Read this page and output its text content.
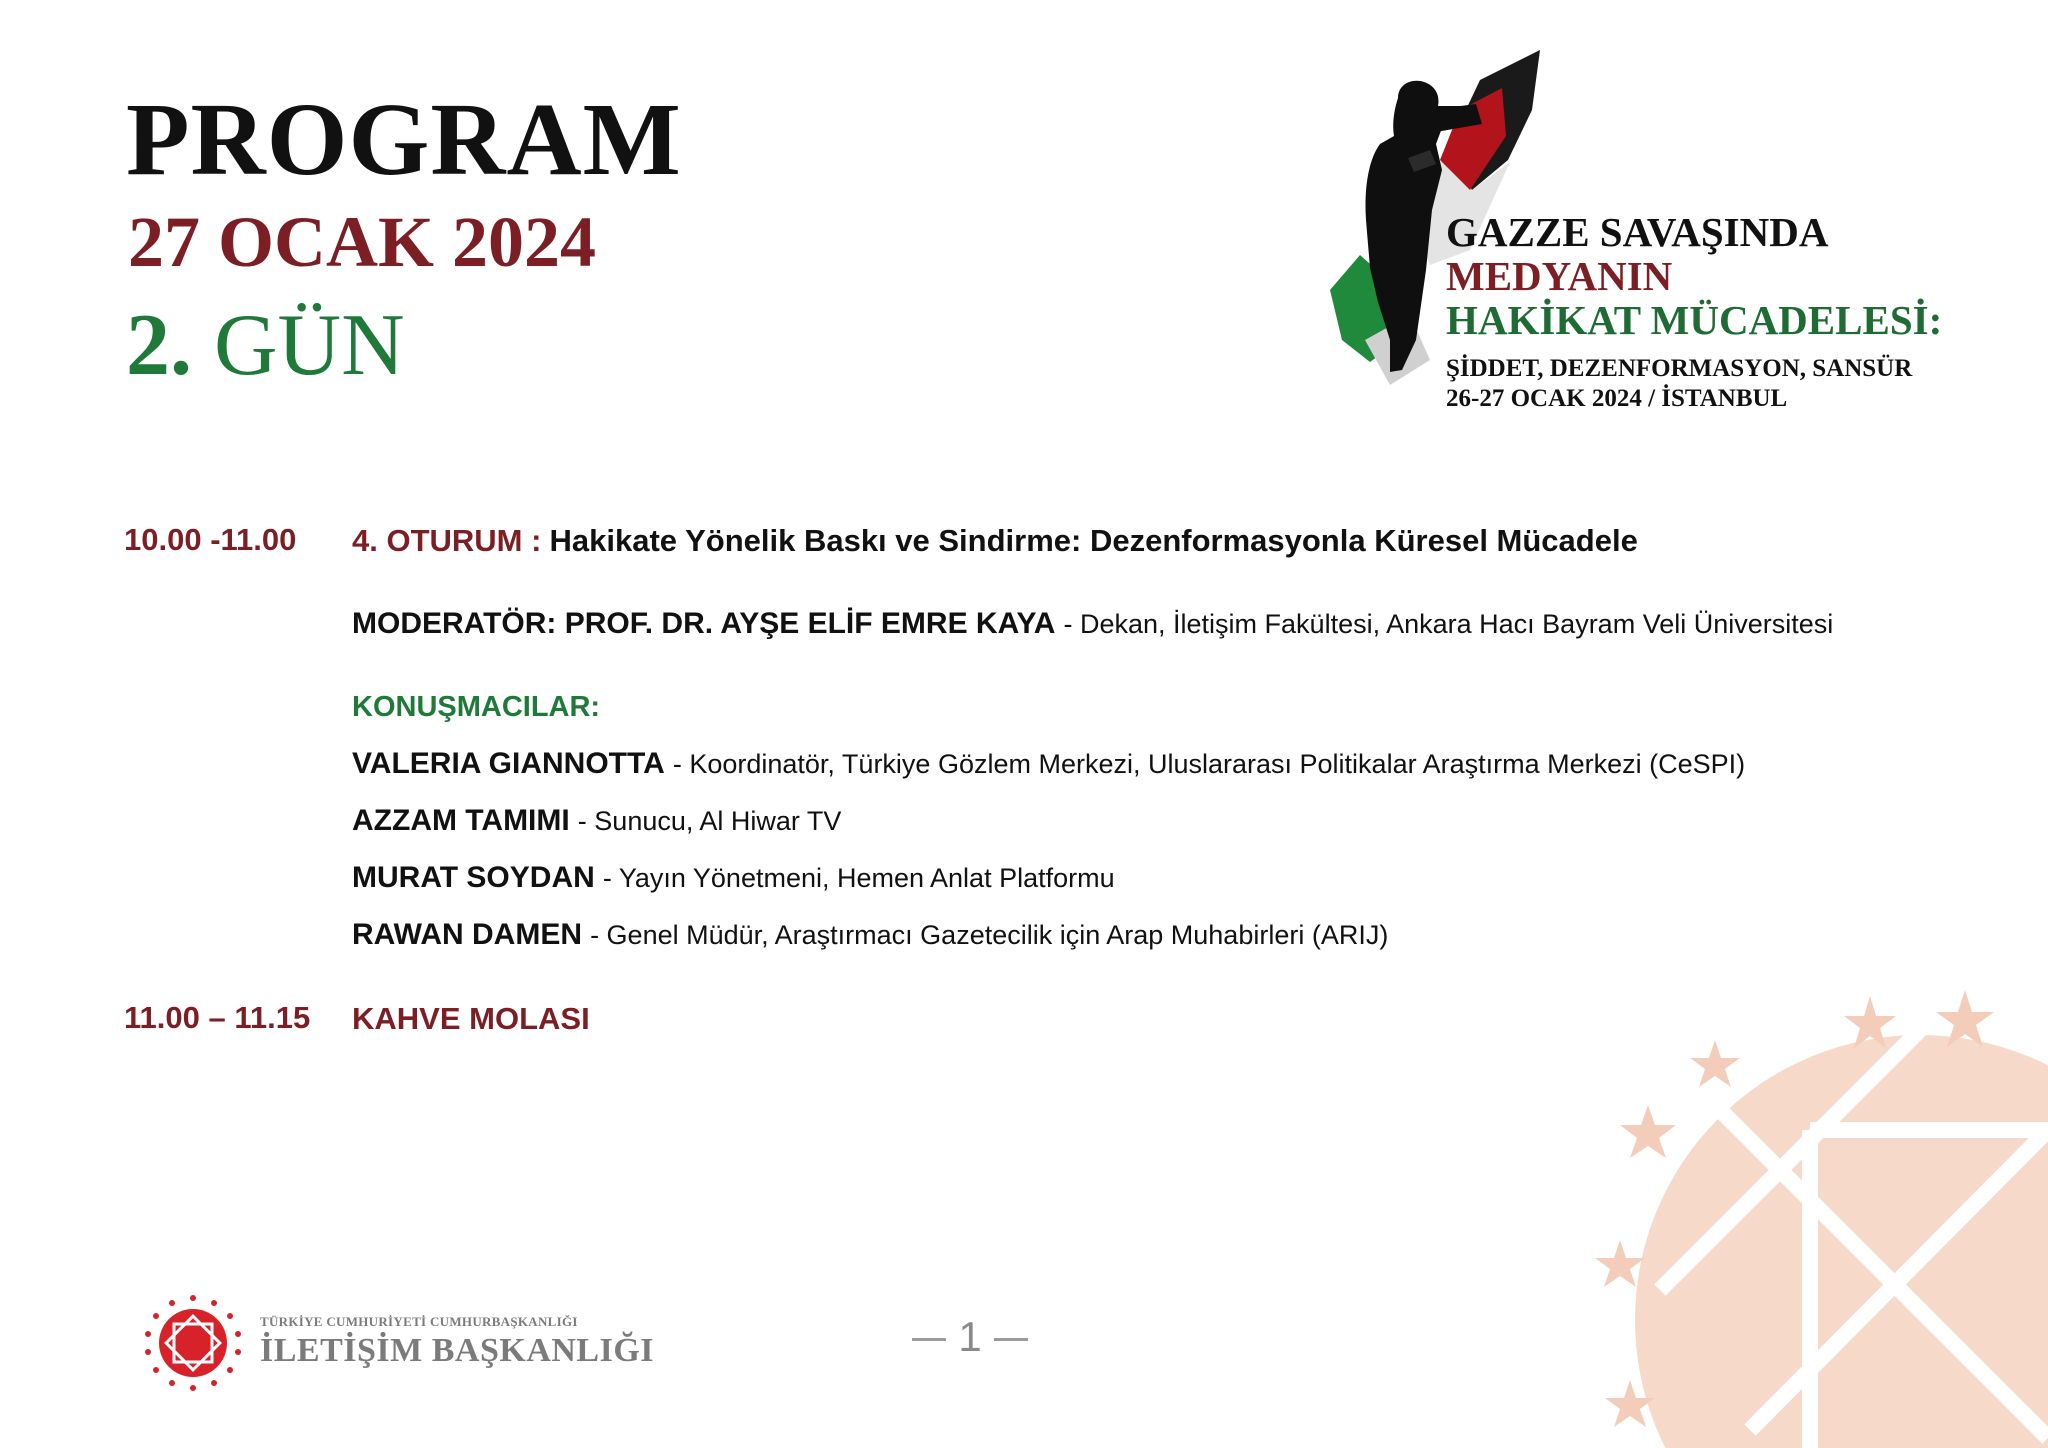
PROGRAM
27 OCAK 2024
2. GÜN
GAZZE SAVAŞINDA
MEDYANIN
HAKİKAT MÜCADELESİ:
ŞİDDET, DEZENFORMASYON, SANSÜR
26-27 OCAK 2024 / İSTANBUL
10.00 -11.00 4. OTURUM : Hakikate Yönelik Baskı ve Sindirme: Dezenformasyonla Küresel Mücadele
MODERATÖR: PROF. DR. AYŞE ELİF EMRE KAYA - Dekan, İletişim Fakültesi, Ankara Hacı Bayram Veli Üniversitesi
KONUŞMACILAR:
VALERIA GIANNOTTA - Koordinatör, Türkiye Gözlem Merkezi, Uluslararası Politikalar Araştırma Merkezi (CeSPI)
AZZAM TAMIMI - Sunucu, Al Hiwar TV
MURAT SOYDAN - Yayın Yönetmeni, Hemen Anlat Platformu
RAWAN DAMEN - Genel Müdür, Araştırmacı Gazetecilik için Arap Muhabirleri (ARIJ)
11.00 – 11.15 KAHVE MOLASI
TÜRKİYE CUMHURİYETİ CUMHURBAŞKANLIĞI
İLETİŞİM BAŞKANLIĞI	1
